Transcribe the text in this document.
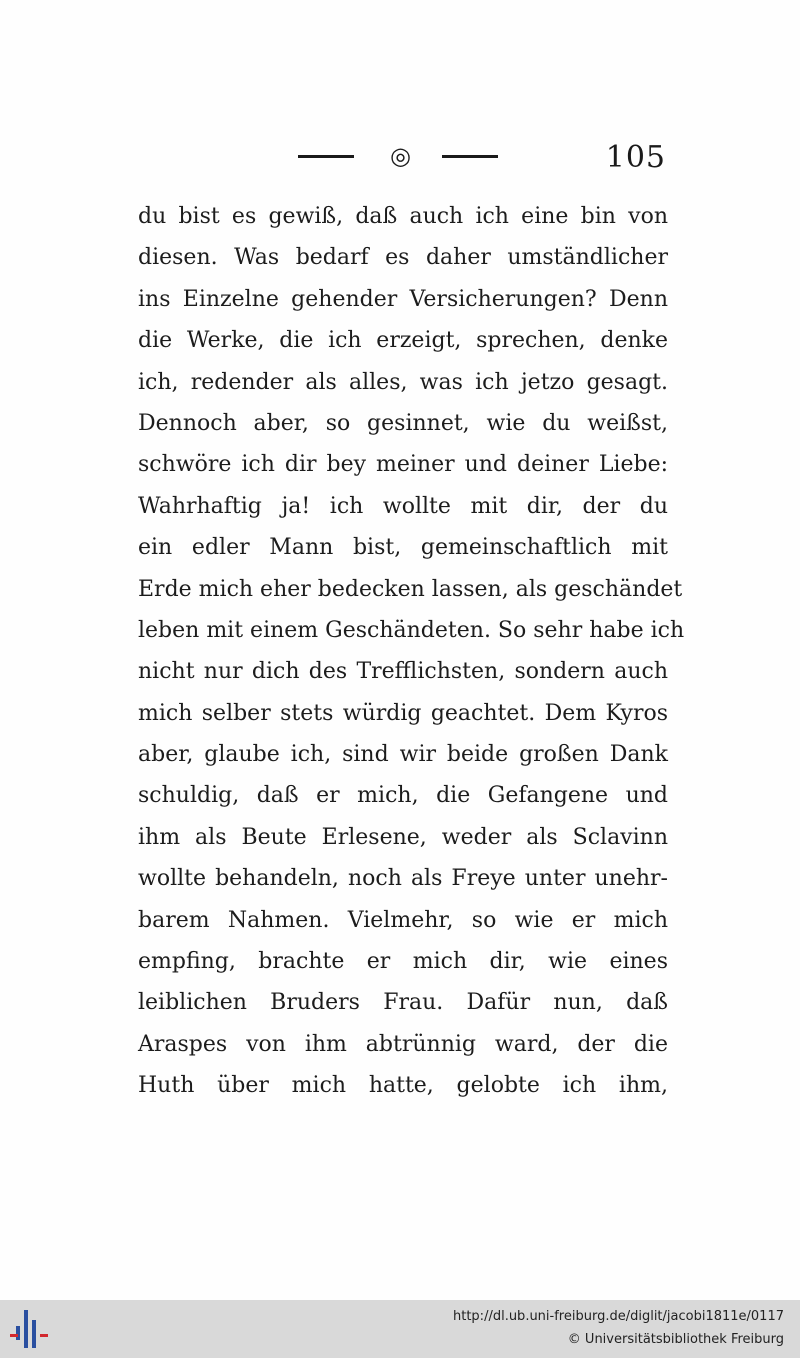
◎	105
du bist es gewiß, daß auch ich eine bin von
diesen. Was bedarf es daher umständlicher
ins Einzelne gehender Versicherungen? Denn
die Werke, die ich erzeigt, sprechen, denke
ich, redender als alles, was ich jetzo gesagt.
Dennoch aber, so gesinnet, wie du weißst,
schwöre ich dir bey meiner und deiner Liebe:
Wahrhaftig ja! ich wollte mit dir, der du
ein edler Mann bist, gemeinschaftlich mit
Erde mich eher bedecken lassen, als geschändet
leben mit einem Geschändeten. So sehr habe ich
nicht nur dich des Trefflichsten, sondern auch
mich selber stets würdig geachtet. Dem Kyros
aber, glaube ich, sind wir beide großen Dank
schuldig, daß er mich, die Gefangene und
ihm als Beute Erlesene, weder als Sclavinn
wollte behandeln, noch als Freye unter unehr-
barem Nahmen. Vielmehr, so wie er mich
empfing, brachte er mich dir, wie eines
leiblichen Bruders Frau. Dafür nun, daß
Araspes von ihm abtrünnig ward, der die
Huth über mich hatte, gelobte ich ihm,
http://dl.ub.uni-freiburg.de/diglit/jacobi1811e/0117
© Universitätsbibliothek Freiburg
